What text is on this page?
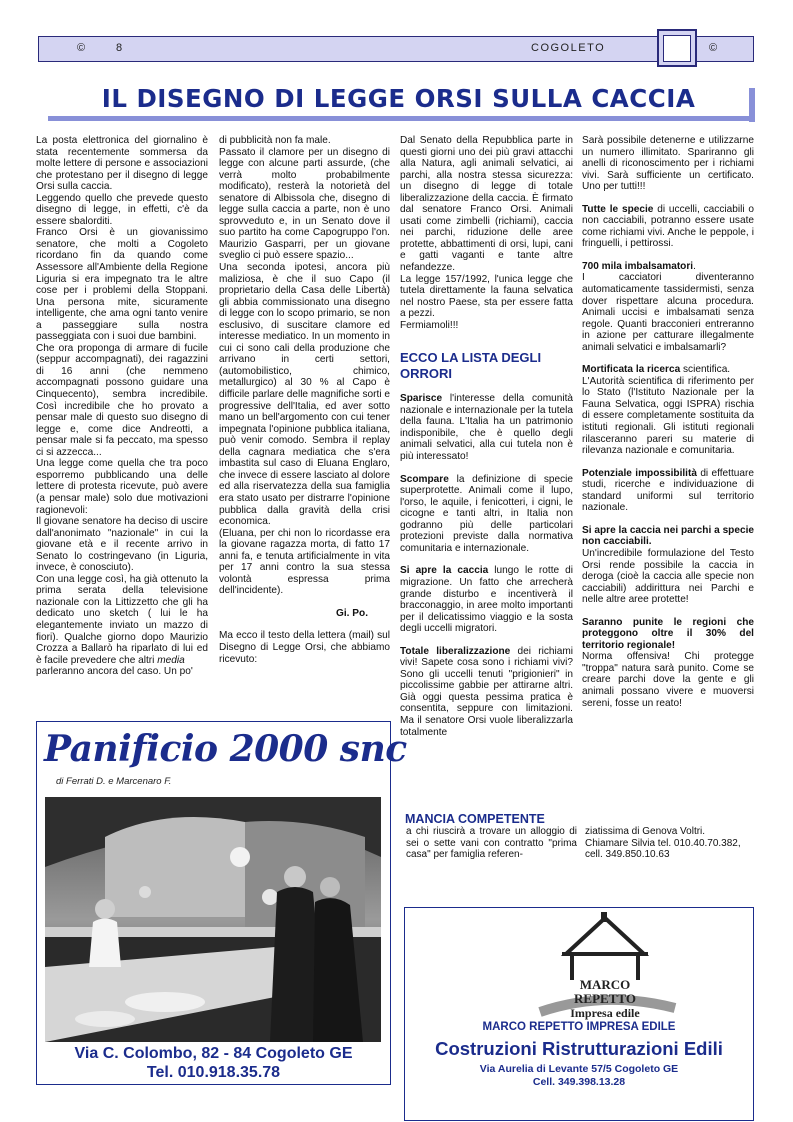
©	8	COGOLETO	©
IL DISEGNO DI LEGGE ORSI SULLA CACCIA

La posta elettronica del giornalino è stata recentemente sommersa da molte lettere di persone e associazioni che protestano per il disegno di legge Orsi sulla caccia.

Leggendo quello che prevede questo disegno di legge, in effetti, c'è da essere sbalorditi.

Franco Orsi è un giovanissimo senatore, che molti a Cogoleto ricordano fin da quando come Assessore all'Ambiente della Regione Liguria si era impegnato tra le altre cose per i problemi della Stoppani. Una persona mite, sicuramente intelligente, che ama ogni tanto venire a passeggiare sulla nostra passeggiata con i suoi due bambini.

Che ora proponga di armare di fucile (seppur accompagnati), dei ragazzini di 16 anni (che nemmeno accompagnati possono guidare una Cinquecento), sembra incredibile. Così incredibile che ho provato a pensar male di questo suo disegno di legge e, come dice Andreotti, a pensar male si fa peccato, ma spesso ci si azzecca...

Una legge come quella che tra poco esporremo pubblicando una delle lettere di protesta ricevute, può avere (a pensar male) solo due motivazioni ragionevoli:

Il giovane senatore ha deciso di uscire dall'anonimato "nazionale" in cui la giovane età e il recente arrivo in Senato lo costringevano (in Liguria, invece, è conosciuto).

Con una legge così, ha già ottenuto la prima serata della televisione nazionale con la Littizzetto che gli ha dedicato uno sketch ( lui le ha elegantemente inviato un mazzo di fiori). Qualche giorno dopo Maurizio Crozza a Ballarò ha riparlato di lui ed è facile prevedere che altri media

parleranno ancora del caso. Un po'

di pubblicità non fa male.

Passato il clamore per un disegno di legge con alcune parti assurde, (che verrà molto probabilmente modificato), resterà la notorietà del senatore di Albissola che, disegno di legge sulla caccia a parte, non è uno sprovveduto e, in un Senato dove il suo partito ha come Capogruppo l'on. Maurizio Gasparri, per un giovane sveglio ci può essere spazio...

Una seconda ipotesi, ancora più maliziosa, è che il suo Capo (il proprietario della Casa delle Libertà) gli abbia commissionato una disegno di legge con lo scopo primario, se non esclusivo, di suscitare clamore ed interesse mediatico. In un momento in cui ci sono cali della produzione che arrivano in certi settori, (automobilistico, chimico, metallurgico) al 30 % al Capo è difficile parlare delle magnifiche sorti e progressive dell'Italia, ed aver sotto mano un bell'argomento con cui tener impegnata l'opinione pubblica italiana, può venir comodo. Sembra il replay della cagnara mediatica che s'era imbastita sul caso di Eluana Englaro, che invece di essere lasciato al dolore ed alla riservatezza della sua famiglia era stato usato per distrarre l'opinione pubblica dalla gravità della crisi economica.

(Eluana, per chi non lo ricordasse era la giovane ragazza morta, di fatto 17 anni fa, e tenuta artificialmente in vita per 17 anni contro la sua stessa volontà espressa prima dell'incidente).

Gi. Po.

Ma ecco il testo della lettera (mail) sul Disegno di Legge Orsi, che abbiamo ricevuto:

Dal Senato della Repubblica parte in questi giorni uno dei più gravi attacchi alla Natura, agli animali selvatici, ai parchi, alla nostra stessa sicurezza: un disegno di legge di totale liberalizzazione della caccia. È firmato dal senatore Franco Orsi. Animali usati come zimbelli (richiami), caccia nei parchi, riduzione delle aree protette, abbattimenti di orsi, lupi, cani e gatti vaganti e tante altre nefandezze.

La legge 157/1992, l'unica legge che tutela direttamente la fauna selvatica nel nostro Paese, sta per essere fatta a pezzi.

Fermiamoli!!!

ECCO LA LISTA DEGLI ORRORI

Sparisce l'interesse della comunità nazionale e internazionale per la tutela della fauna. L'Italia ha un patrimonio indisponibile, che è quello degli animali selvatici, alla cui tutela non è più interessato!

Scompare la definizione di specie superprotette. Animali come il lupo, l'orso, le aquile, i fenicotteri, i cigni, le cicogne e tanti altri, in Italia non godranno più delle particolari protezioni previste dalla normativa comunitaria e internazionale.

Si apre la caccia lungo le rotte di migrazione. Un fatto che arrecherà grande disturbo e incentiverà il bracconaggio, in aree molto importanti per il delicatissimo viaggio e la sosta degli uccelli migratori.

Totale liberalizzazione dei richiami vivi! Sapete cosa sono i richiami vivi? Sono gli uccelli tenuti "prigionieri" in piccolissime gabbie per attirarne altri. Già oggi questa pessima pratica è consentita, seppure con limitazioni. Ma il senatore Orsi vuole liberalizzarla totalmente

Sarà possibile detenerne e utilizzarne un numero illimitato. Spariranno gli anelli di riconoscimento per i richiami vivi. Sarà sufficiente un certificato. Uno per tutti!!!

Tutte le specie di uccelli, cacciabili o non cacciabili, potranno essere usate come richiami vivi. Anche le peppole, i fringuelli, i pettirossi.

700 mila imbalsamatori.
I cacciatori diventeranno automaticamente tassidermisti, senza dover rispettare alcuna procedura. Animali uccisi e imbalsamati senza regole. Quanti bracconieri entreranno in azione per catturare illegalmente animali selvatici e imbalsamarli?

Mortificata la ricerca scientifica.
L'Autorità scientifica di riferimento per lo Stato (l'Istituto Nazionale per la Fauna Selvatica, oggi ISPRA) rischia di essere completamente sostituita da istituti regionali. Gli istituti regionali rilasceranno pareri su materie di rilevanza nazionale e comunitaria.

Potenziale impossibilità di effettuare studi, ricerche e individuazione di standard uniformi sul territorio nazionale.

Si apre la caccia nei parchi a specie non cacciabili.
Un'incredibile formulazione del Testo Orsi rende possibile la caccia in deroga (cioè la caccia alle specie non cacciabili) addirittura nei Parchi e nelle altre aree protette!

Saranno punite le regioni che proteggono oltre il 30% del territorio regionale!
Norma offensiva! Chi protegge "troppa" natura sarà punito. Come se creare parchi dove la gente e gli animali possano vivere e muoversi sereni, fosse un reato!

Panificio 2000 snc
di Ferrati D. e Marcenaro F.
Via C. Colombo, 82 - 84 Cogoleto GE
Tel. 010.918.35.78
MANCIA COMPETENTE

a chi riuscirà a trovare un alloggio di sei o sette vani con contratto "prima casa" per famiglia referen-

ziatissima di Genova Voltri.

Chiamare Silvia tel. 010.40.70.382,

cell. 349.850.10.63

MARCO
REPETTO
Impresa edile
MARCO REPETTO IMPRESA EDILE
Costruzioni Ristrutturazioni Edili
Via Aurelia di Levante 57/5 Cogoleto GE
Cell. 349.398.13.28
